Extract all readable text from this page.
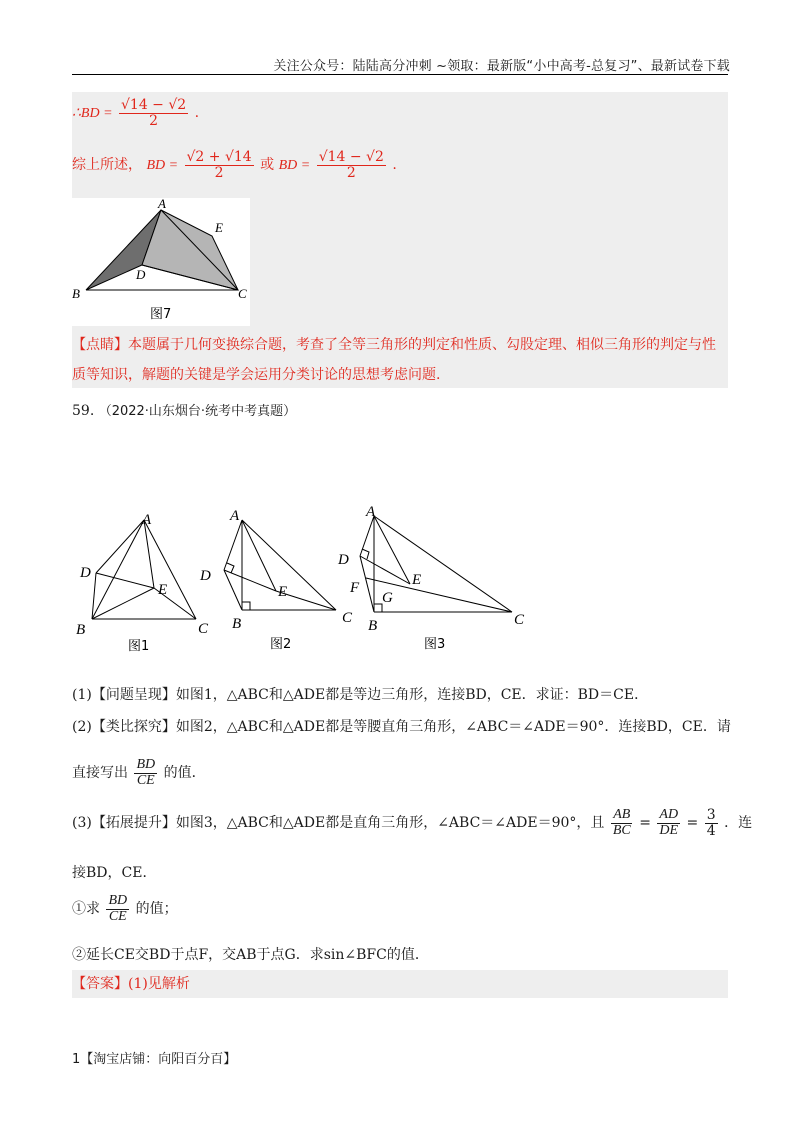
关注公众号：陆陆高分冲刺 ~领取：最新版“小中高考-总复习”、最新试卷下载
∴BD = $\frac{√14 - √2}{2}$ .
综上所述， BD = $\frac{√2 + √14}{2}$ 或 BD = $\frac{√14 - √2}{2}$ .
A
B	C
D
E
图7
【点睛】本题属于几何变换综合题，考查了全等三角形的判定和性质、勾股定理、相似三角形的判定与性质等知识，解题的关键是学会运用分类讨论的思想考虑问题.
59. （2022·山东烟台·统考中考真题）
A
B	C
D
E
图1
A
B	C
D
E
图2
A
B	C
D
E
F
G
图3
(1)【问题呈现】如图1，△ABC和△ADE都是等边三角形，连接BD，CE．求证：BD＝CE．
(2)【类比探究】如图2，△ABC和△ADE都是等腰直角三角形，∠ABC＝∠ADE＝90°．连接BD，CE．请
直接写出 $\frac{BD}{CE}$ 的值．
(3)【拓展提升】如图3，△ABC和△ADE都是直角三角形，∠ABC＝∠ADE＝90°，且 $\frac{AB}{BC} = \frac{AD}{DE} = \frac{3}{4}$ ．连
接BD，CE．
①求 $\frac{BD}{CE}$ 的值；
②延长CE交BD于点F，交AB于点G．求sin∠BFC的值．
【答案】(1)见解析
1【淘宝店铺：向阳百分百】
